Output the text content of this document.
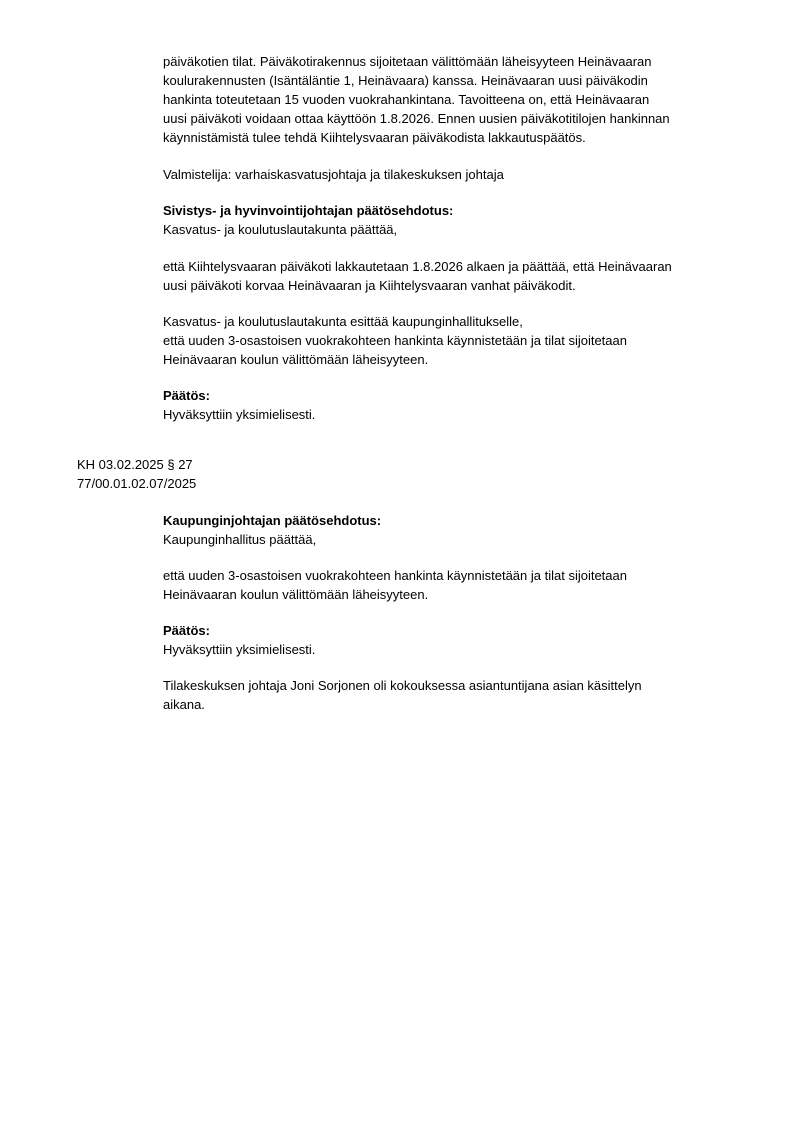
päiväkotien tilat. Päiväkotirakennus sijoitetaan välittömään läheisyyteen Heinävaaran
koulurakennusten (Isäntäläntie 1, Heinävaara) kanssa. Heinävaaran uusi päiväkodin
hankinta toteutetaan 15 vuoden vuokrahankintana. Tavoitteena on, että Heinävaaran
uusi päiväkoti voidaan ottaa käyttöön 1.8.2026. Ennen uusien päiväkotitilojen hankinnan
käynnistämistä tulee tehdä Kiihtelysvaaran päiväkodista lakkautuspäätös.
Valmistelija: varhaiskasvatusjohtaja ja tilakeskuksen johtaja
Sivistys- ja hyvinvointijohtajan päätösehdotus:
Kasvatus- ja koulutuslautakunta päättää,
että Kiihtelysvaaran päiväkoti lakkautetaan 1.8.2026 alkaen ja päättää, että Heinävaaran
uusi päiväkoti korvaa Heinävaaran ja Kiihtelysvaaran vanhat päiväkodit.
Kasvatus- ja koulutuslautakunta esittää kaupunginhallitukselle,
että uuden 3-osastoisen vuokrakohteen hankinta käynnistetään ja tilat sijoitetaan
Heinävaaran koulun välittömään läheisyyteen.
Päätös:
Hyväksyttiin yksimielisesti.
KH 03.02.2025 § 27
77/00.01.02.07/2025
Kaupunginjohtajan päätösehdotus:
Kaupunginhallitus päättää,
että uuden 3-osastoisen vuokrakohteen hankinta käynnistetään ja tilat sijoitetaan
Heinävaaran koulun välittömään läheisyyteen.
Päätös:
Hyväksyttiin yksimielisesti.
Tilakeskuksen johtaja Joni Sorjonen oli kokouksessa asiantuntijana asian käsittelyn
aikana.
